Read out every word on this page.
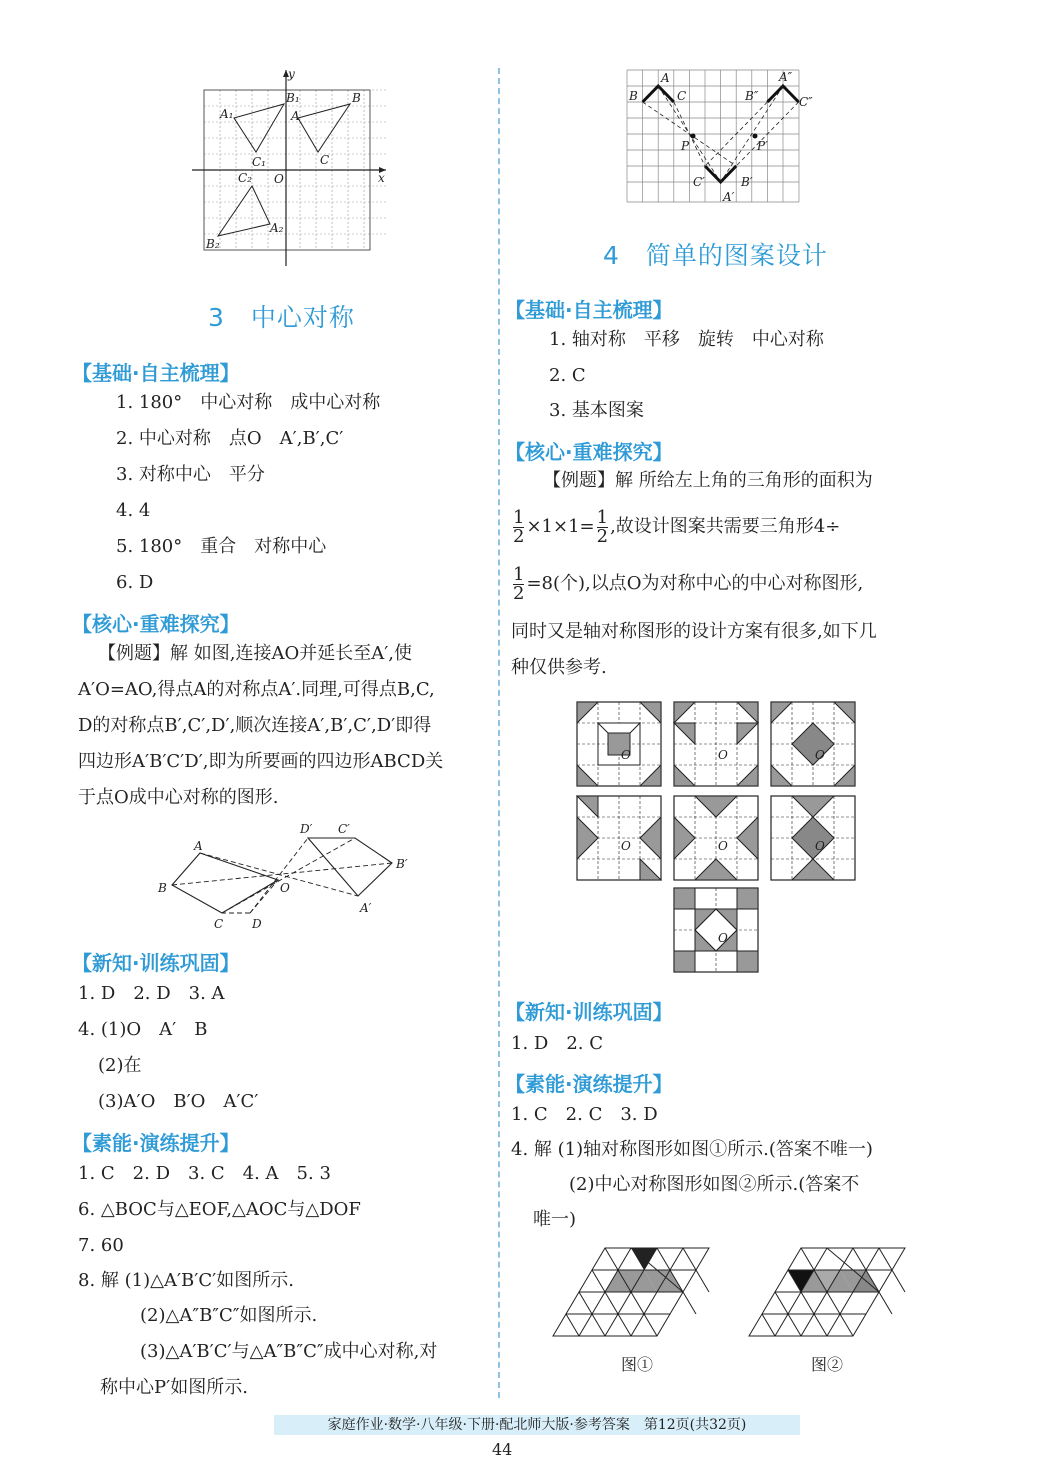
y
x
O
B₁
A₁
C₁
A
B
C
C₂
B₂
A₂
3 中心对称
【基础·自主梳理】
1. 180°　中心对称　成中心对称
2. 中心对称　点O　A′,B′,C′
3. 对称中心　平分
4. 4
5. 180°　重合　对称中心
6. D
【核心·重难探究】
【例题】解 如图,连接AO并延长至A′,使
A′O=AO,得点A的对称点A′.同理,可得点B,C,
D的对称点B′,C′,D′,顺次连接A′,B′,C′,D′即得
四边形A′B′C′D′,即为所要画的四边形ABCD关
于点O成中心对称的图形.
A
B
C D
O
A′
B′
C′
D′
【新知·训练巩固】
1. D　2. D　3. A
4. (1)O　A′　B
(2)在
(3)A′O　B′O　A′C′
【素能·演练提升】
1. C　2. D　3. C　4. A　5. 3
6. △BOC与△EOF,△AOC与△DOF
7. 60
8. 解 (1)△A′B′C′如图所示.
(2)△A″B″C″如图所示.
(3)△A′B′C′与△A″B″C″成中心对称,对
称中心P′如图所示.
A
B	C
A″
B″	C″
P	P′
C′	B′
A′
4 简单的图案设计
【基础·自主梳理】
1. 轴对称　平移　旋转　中心对称
2. C
3. 基本图案
【核心·重难探究】
【例题】解 所给左上角的三角形的面积为
$\frac{1}{2} \times 1\times 1= \frac{1}{2}$ ,故设计图案共需要三角形4÷
$\frac{1}{2} =8$(个),以点O为对称中心的中心对称图形,
同时又是轴对称图形的设计方案有很多,如下几
种仅供参考.
O	O	O
O	O	O
O
【新知·训练巩固】
1. D　2. C
【素能·演练提升】
1. C　2. C　3. D
4. 解 (1)轴对称图形如图①所示.(答案不唯一)
(2)中心对称图形如图②所示.(答案不
唯一)
图①	图②
家庭作业·数学·八年级·下册·配北师大版·参考答案　第12页(共32页)
44
